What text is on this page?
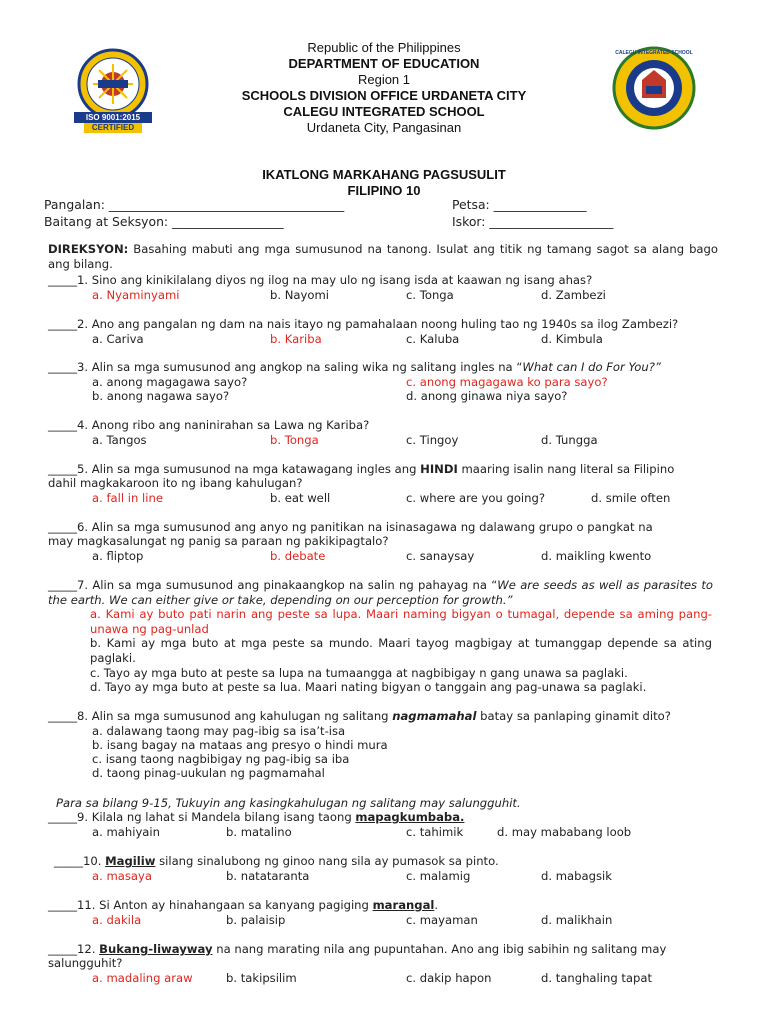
ISO 9001:2015
CERTIFIED
CALEGU INTEGRATED SCHOOL
Republic of the Philippines
DEPARTMENT OF EDUCATION
Region 1
SCHOOLS DIVISION OFFICE URDANETA CITY
CALEGU INTEGRATED SCHOOL
Urdaneta City, Pangasinan
IKATLONG MARKAHANG PAGSUSULIT
FILIPINO 10
Pangalan: ______________________________________	Petsa: _______________
Baitang at Seksyon: __________________	Iskor: ____________________
DIREKSYON: Basahing mabuti ang mga sumusunod na tanong. Isulat ang titik ng tamang sagot sa alang bago ang bilang.
_____1. Sino ang kinikilalang diyos ng ilog na may ulo ng isang isda at kaawan ng isang ahas?
a. Nyaminyami	b. Nayomi	c. Tonga	d. Zambezi
_____2. Ano ang pangalan ng dam na nais itayo ng pamahalaan noong huling tao ng 1940s sa ilog Zambezi?
a. Cariva	b. Kariba	c. Kaluba	d. Kimbula
_____3. Alin sa mga sumusunod ang angkop na saling wika ng salitang ingles na “What can I do For You?”
a. anong magagawa sayo?	c. anong magagawa ko para sayo?
b. anong nagawa sayo?	d. anong ginawa niya sayo?
_____4. Anong ribo ang naninirahan sa Lawa ng Kariba?
a. Tangos	b. Tonga	c. Tingoy	d. Tungga
_____5. Alin sa mga sumusunod na mga katawagang ingles ang HINDI maaring isalin nang literal sa Filipino
dahil magkakaroon ito ng ibang kahulugan?
a. fall in line	b. eat well	c. where are you going?	d. smile often
_____6. Alin sa mga sumusunod ang anyo ng panitikan na isinasagawa ng dalawang grupo o pangkat na
may magkasalungat ng panig sa paraan ng pakikipagtalo?
a. fliptop	b. debate	c. sanaysay	d. maikling kwento
_____7. Alin sa mga sumusunod ang pinakaangkop na salin ng pahayag na “We are seeds as well as parasites to the earth. We can either give or take, depending on our perception for growth.”
a. Kami ay buto pati narin ang peste sa lupa. Maari naming bigyan o tumagal, depende sa aming pang-unawa ng pag-unlad
b. Kami ay mga buto at mga peste sa mundo. Maari tayog magbigay at tumanggap depende sa ating paglaki.
c. Tayo ay mga buto at peste sa lupa na tumaangga at nagbibigay n gang unawa sa paglaki.
d. Tayo ay mga buto at peste sa lua. Maari nating bigyan o tanggain ang pag-unawa sa paglaki.
_____8. Alin sa mga sumusunod ang kahulugan ng salitang nagmamahal batay sa panlaping ginamit dito?
a. dalawang taong may pag-ibig sa isa’t-isa
b. isang bagay na mataas ang presyo o hindi mura
c. isang taong nagbibigay ng pag-ibig sa iba
d. taong pinag-uukulan ng pagmamahal
Para sa bilang 9-15, Tukuyin ang kasingkahulugan ng salitang may salungguhit.
_____9. Kilala ng lahat si Mandela bilang isang taong mapagkumbaba.
a. mahiyain	b. matalino	c. tahimik	d. may mababang loob
_____10. Magiliw silang sinalubong ng ginoo nang sila ay pumasok sa pinto.
a. masaya	b. natataranta	c. malamig	d. mabagsik
_____11. Si Anton ay hinahangaan sa kanyang pagiging marangal.
a. dakila	b. palaisip	c. mayaman	d. malikhain
_____12. Bukang-liwayway na nang marating nila ang pupuntahan. Ano ang ibig sabihin ng salitang may
salungguhit?
a. madaling araw	b. takipsilim	c. dakip hapon	d. tanghaling tapat
